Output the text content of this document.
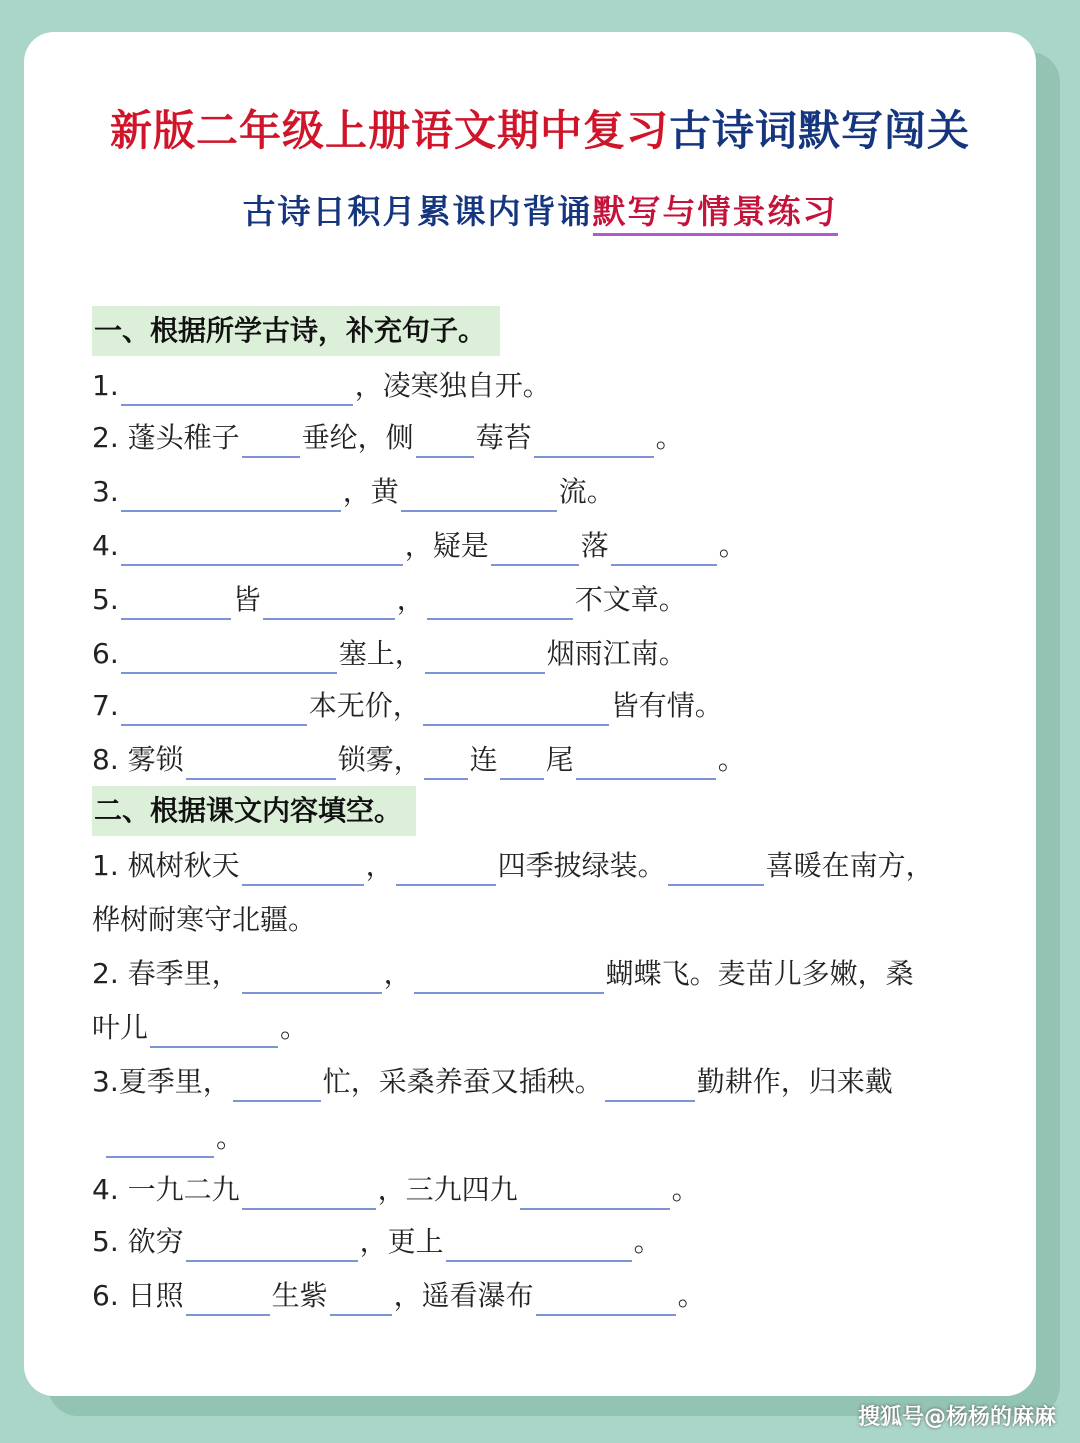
新版二年级上册语文期中复习古诗词默写闯关
古诗日积月累课内背诵默写与情景练习
一、根据所学古诗，补充句子。
1.	，凌寒独自开。
2. 蓬头稚子 垂纶，侧 莓苔	。
3.	，黄	流。
4.	，疑是	落	。
5.	皆	，	不文章。
6.	塞上，	烟雨江南。
7.	本无价，	皆有情。
8. 雾锁	锁雾， 连 尾	。
二、根据课文内容填空。
1. 枫树秋天	，	四季披绿装。	喜暖在南方，
桦树耐寒守北疆。
2. 春季里，	，	蝴蝶飞。麦苗儿多嫩，桑
叶儿	。
3.夏季里，	忙，采桑养蚕又插秧。	勤耕作，归来戴
。
4. 一九二九	，三九四九	。
5. 欲穷	，更上	。
6. 日照	生紫 ，遥看瀑布	。
搜狐号@杨杨的麻麻
